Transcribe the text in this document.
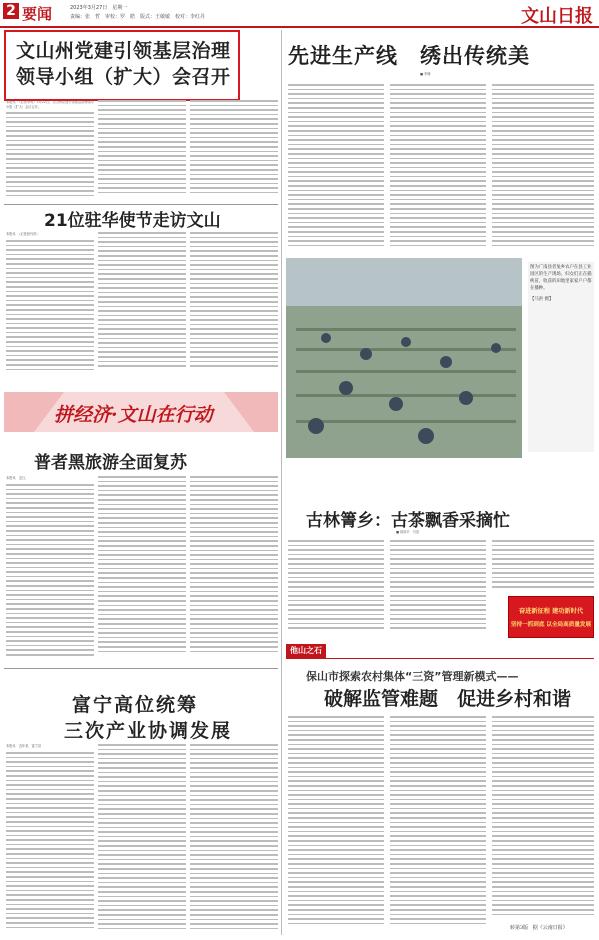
2 要闻	2023年3月27日　星期一
责编：张　哲　审校：罗　皓　版式：王敏敏　校对：李红丹	文山日报
文山州党建引领基层治理
领导小组（扩大）会召开
本报讯　（记者李玥）3月22日，文山州党建引领基层治理领导小组（扩大）会议召开。
21位驻华使节走访文山
本报讯　（记者彭丹洪）
拼经济·文山在行动
普者黑旅游全面复苏
本报讯　近日，
富宁高位统筹
三次产业协调发展
本报讯　近年来，富宁县
先进生产线　绣出传统美
■ 李珊
图为广南县者兔乡农户在县工业园区的生产现场，妇女们正在插秧苗，收获的田地里家家户户都在播种。
【马洪 摄】
古林箐乡：古茶飘香采摘忙
■ 蒋如平　马浩
奋进新征程 建功新时代
坚持一抓到底 以全局高质量发展
他山之石
保山市探索农村集体“三资”管理新模式——
破解监管难题　促进乡村和谐
转第3版 据《云南日报》
